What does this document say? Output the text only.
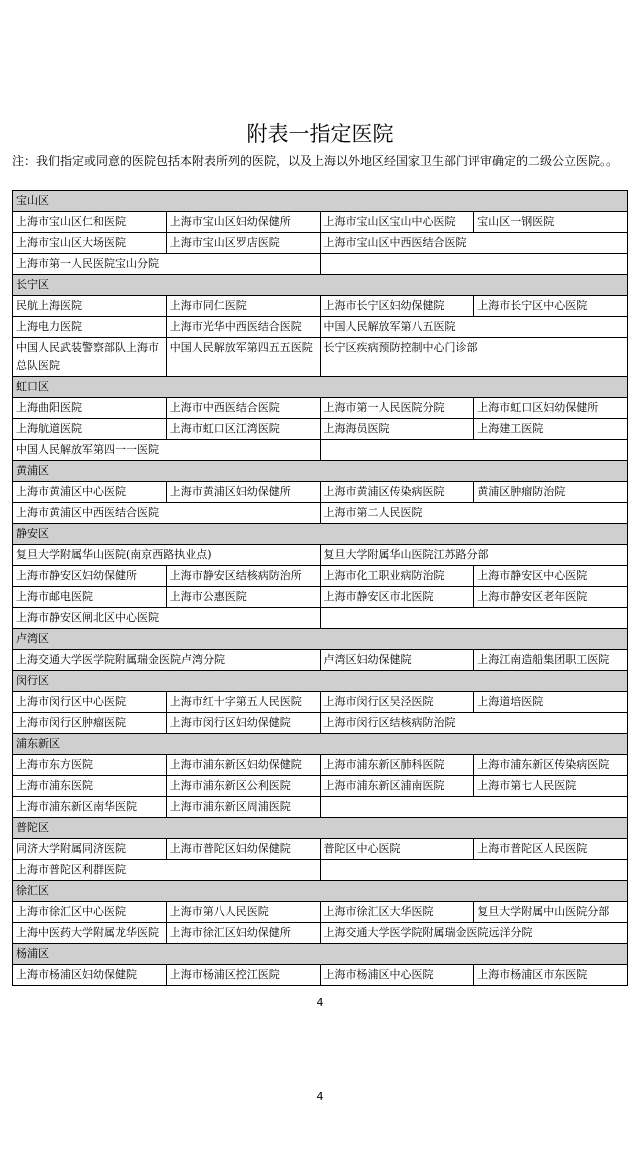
附表一指定医院
注：我们指定或同意的医院包括本附表所列的医院，以及上海以外地区经国家卫生部门评审确定的二级公立医院。。
宝山区			
上海市宝山区仁和医院	上海市宝山区妇幼保健所	上海市宝山区宝山中心医院	宝山区一钢医院
上海市宝山区大场医院	上海市宝山区罗店医院	上海市宝山区中西医结合医院	
上海市第一人民医院宝山分院			
长宁区			
民航上海医院	上海市同仁医院	上海市长宁区妇幼保健院	上海市长宁区中心医院
上海电力医院	上海市光华中西医结合医院	中国人民解放军第八五医院	
中国人民武装警察部队上海市总队医院	中国人民解放军第四五五医院	长宁区疾病预防控制中心门诊部	
虹口区			
上海曲阳医院	上海市中西医结合医院	上海市第一人民医院分院	上海市虹口区妇幼保健所
上海航道医院	上海市虹口区江湾医院	上海海员医院	上海建工医院
中国人民解放军第四一一医院			
黄浦区			
上海市黄浦区中心医院	上海市黄浦区妇幼保健所	上海市黄浦区传染病医院	黄浦区肿瘤防治院
上海市黄浦区中西医结合医院		上海市第二人民医院	
静安区			
复旦大学附属华山医院(南京西路执业点)		复旦大学附属华山医院江苏路分部	
上海市静安区妇幼保健所	上海市静安区结核病防治所	上海市化工职业病防治院	上海市静安区中心医院
上海市邮电医院	上海市公惠医院	上海市静安区市北医院	上海市静安区老年医院
上海市静安区闸北区中心医院			
卢湾区			
上海交通大学医学院附属瑞金医院卢湾分院		卢湾区妇幼保健院	上海江南造船集团职工医院
闵行区			
上海市闵行区中心医院	上海市红十字第五人民医院	上海市闵行区吴泾医院	上海道培医院
上海市闵行区肿瘤医院	上海市闵行区妇幼保健院	上海市闵行区结核病防治院	
浦东新区			
上海市东方医院	上海市浦东新区妇幼保健院	上海市浦东新区肺科医院	上海市浦东新区传染病医院
上海市浦东医院	上海市浦东新区公利医院	上海市浦东新区浦南医院	上海市第七人民医院
上海市浦东新区南华医院	上海市浦东新区周浦医院		
普陀区			
同济大学附属同济医院	上海市普陀区妇幼保健院	普陀区中心医院	上海市普陀区人民医院
上海市普陀区利群医院			
徐汇区			
上海市徐汇区中心医院	上海市第八人民医院	上海市徐汇区大华医院	复旦大学附属中山医院分部
上海中医药大学附属龙华医院	上海市徐汇区妇幼保健所	上海交通大学医学院附属瑞金医院远洋分院	
杨浦区			
上海市杨浦区妇幼保健院	上海市杨浦区控江医院	上海市杨浦区中心医院	上海市杨浦区市东医院
4
4
